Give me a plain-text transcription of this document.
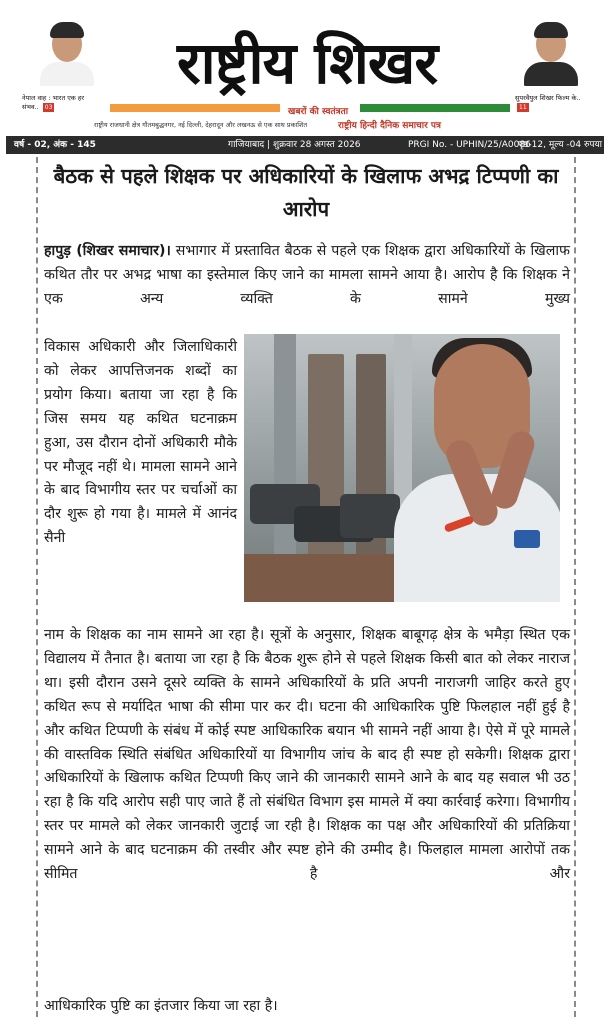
नेपाल वाह : भारत एक हर संभव.. 03
राष्ट्रीय शिखर
खबरों की स्वतंत्रता
राष्ट्रीय राजधानी क्षेत्र गौतमबुद्धनगर, नई दिल्ली, देहरादून और लखनऊ से एक साथ प्रकाशित	राष्ट्रीय हिन्दी दैनिक समाचार पत्र
सुपरवैयुल शिखर फिल्म के.. 11
वर्ष - 02, अंक - 145	गाजियाबाद | शुक्रवार 28 अगस्त 2026	PRGI No. - UPHIN/25/A0086
पृष्ठ-12, मूल्य -04 रुपया
बैठक से पहले शिक्षक पर अधिकारियों के खिलाफ अभद्र टिप्पणी का आरोप

हापुड़ (शिखर समाचार)। सभागार में प्रस्तावित बैठक से पहले एक शिक्षक द्वारा अधिकारियों के खिलाफ कथित तौर पर अभद्र भाषा का इस्तेमाल किए जाने का मामला सामने आया है। आरोप है कि शिक्षक ने एक अन्य व्यक्ति के सामने मुख्य

विकास अधिकारी और जिलाधिकारी को लेकर आपत्तिजनक शब्दों का प्रयोग किया। बताया जा रहा है कि जिस समय यह कथित घटनाक्रम हुआ, उस दौरान दोनों अधिकारी मौके पर मौजूद नहीं थे। मामला सामने आने के बाद विभागीय स्तर पर चर्चाओं का दौर शुरू हो गया है। मामले में आनंद सैनी

नाम के शिक्षक का नाम सामने आ रहा है। सूत्रों के अनुसार, शिक्षक बाबूगढ़ क्षेत्र के भमैड़ा स्थित एक विद्यालय में तैनात है। बताया जा रहा है कि बैठक शुरू होने से पहले शिक्षक किसी बात को लेकर नाराज था। इसी दौरान उसने दूसरे व्यक्ति के सामने अधिकारियों के प्रति अपनी नाराजगी जाहिर करते हुए कथित रूप से मर्यादित भाषा की सीमा पार कर दी। घटना की आधिकारिक पुष्टि फिलहाल नहीं हुई है और कथित टिप्पणी के संबंध में कोई स्पष्ट आधिकारिक बयान भी सामने नहीं आया है। ऐसे में पूरे मामले की वास्तविक स्थिति संबंधित अधिकारियों या विभागीय जांच के बाद ही स्पष्ट हो सकेगी। शिक्षक द्वारा अधिकारियों के खिलाफ कथित टिप्पणी किए जाने की जानकारी सामने आने के बाद यह सवाल भी उठ रहा है कि यदि आरोप सही पाए जाते हैं तो संबंधित विभाग इस मामले में क्या कार्रवाई करेगा। विभागीय स्तर पर मामले को लेकर जानकारी जुटाई जा रही है। शिक्षक का पक्ष और अधिकारियों की प्रतिक्रिया सामने आने के बाद घटनाक्रम की तस्वीर और स्पष्ट होने की उम्मीद है। फिलहाल मामला आरोपों तक सीमित है और

आधिकारिक पुष्टि का इंतजार किया जा रहा है।
